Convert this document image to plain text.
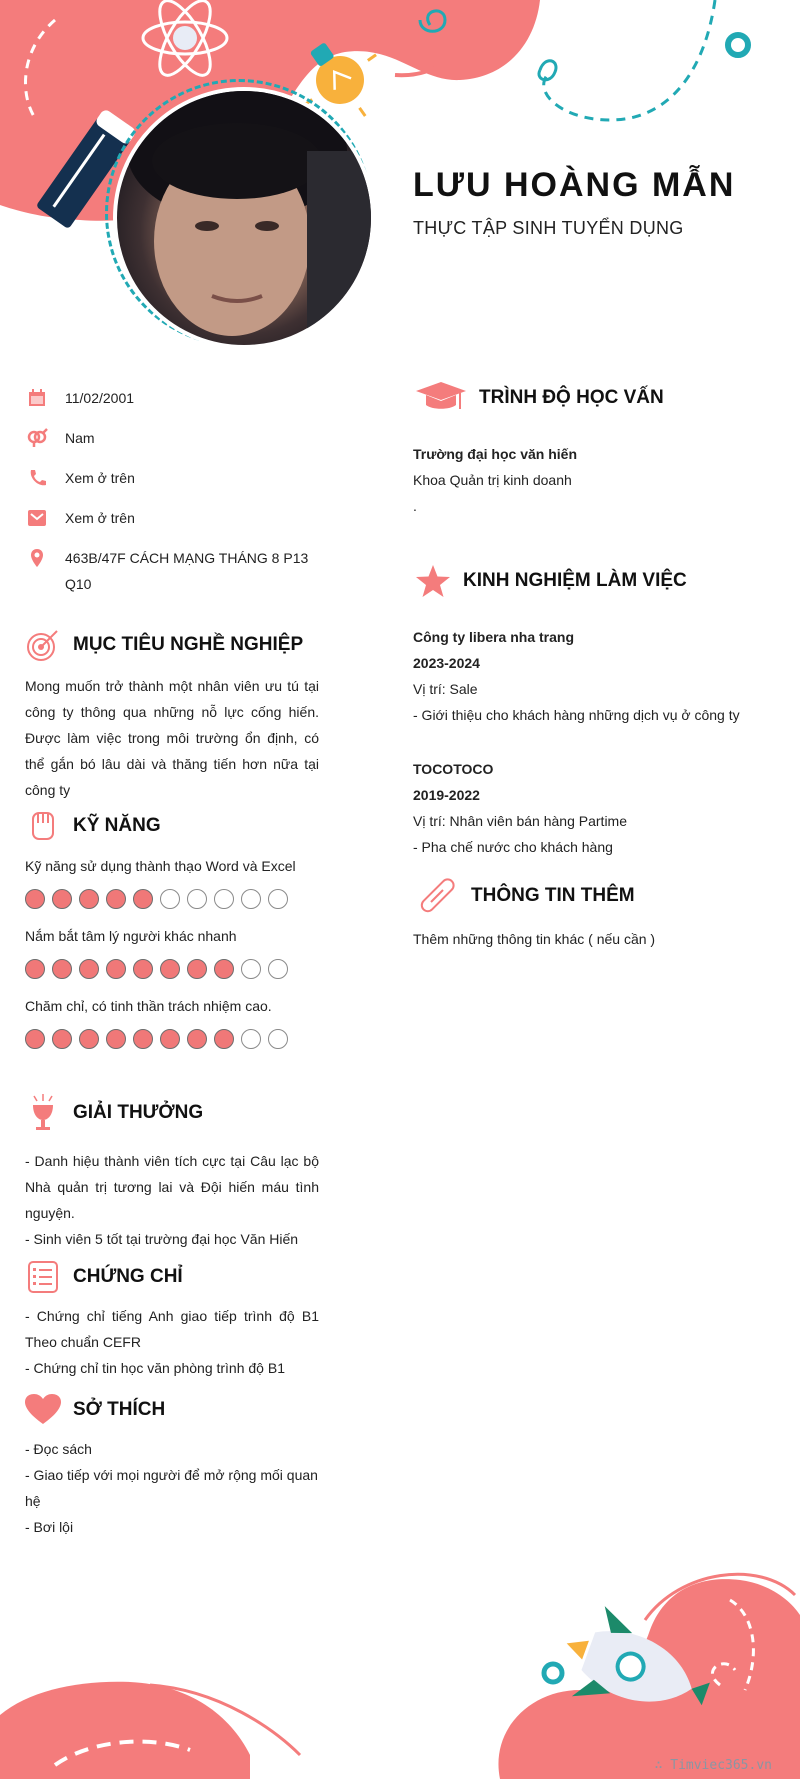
LƯU HOÀNG MẪN

THỰC TẬP SINH TUYỂN DỤNG

11/02/2001
Nam
Xem ở trên
Xem ở trên
463B/47F CÁCH MẠNG THÁNG 8 P13 Q10
MỤC TIÊU NGHỀ NGHIỆP
Mong muốn trở thành một nhân viên ưu tú tại công ty thông qua những nỗ lực cống hiến. Được làm việc trong môi trường ổn định, có thể gắn bó lâu dài và thăng tiến hơn nữa tại công ty
KỸ NĂNG
Kỹ năng sử dụng thành thạo Word và Excel
Nắm bắt tâm lý người khác nhanh
Chăm chỉ, có tinh thần trách nhiệm cao.
GIẢI THƯỞNG
- Danh hiệu thành viên tích cực tại Câu lạc bộ Nhà quản trị tương lai và Đội hiến máu tình nguyện.
- Sinh viên 5 tốt tại trường đại học Văn Hiến
CHỨNG CHỈ
- Chứng chỉ tiếng Anh giao tiếp trình độ B1 Theo chuẩn CEFR
- Chứng chỉ tin học văn phòng trình độ B1
SỞ THÍCH
- Đọc sách
- Giao tiếp với mọi người để mở rộng mối quan hệ
- Bơi lội
TRÌNH ĐỘ HỌC VẤN
Trường đại học văn hiến
Khoa Quản trị kinh doanh
.
KINH NGHIỆM LÀM VIỆC
Công ty libera nha trang
2023-2024
Vị trí: Sale
- Giới thiệu cho khách hàng những dịch vụ ở công ty
TOCOTOCO
2019-2022
Vị trí: Nhân viên bán hàng Partime
- Pha chế nước cho khách hàng
THÔNG TIN THÊM
Thêm những thông tin khác ( nếu cần )
∴ Timviec365.vn
